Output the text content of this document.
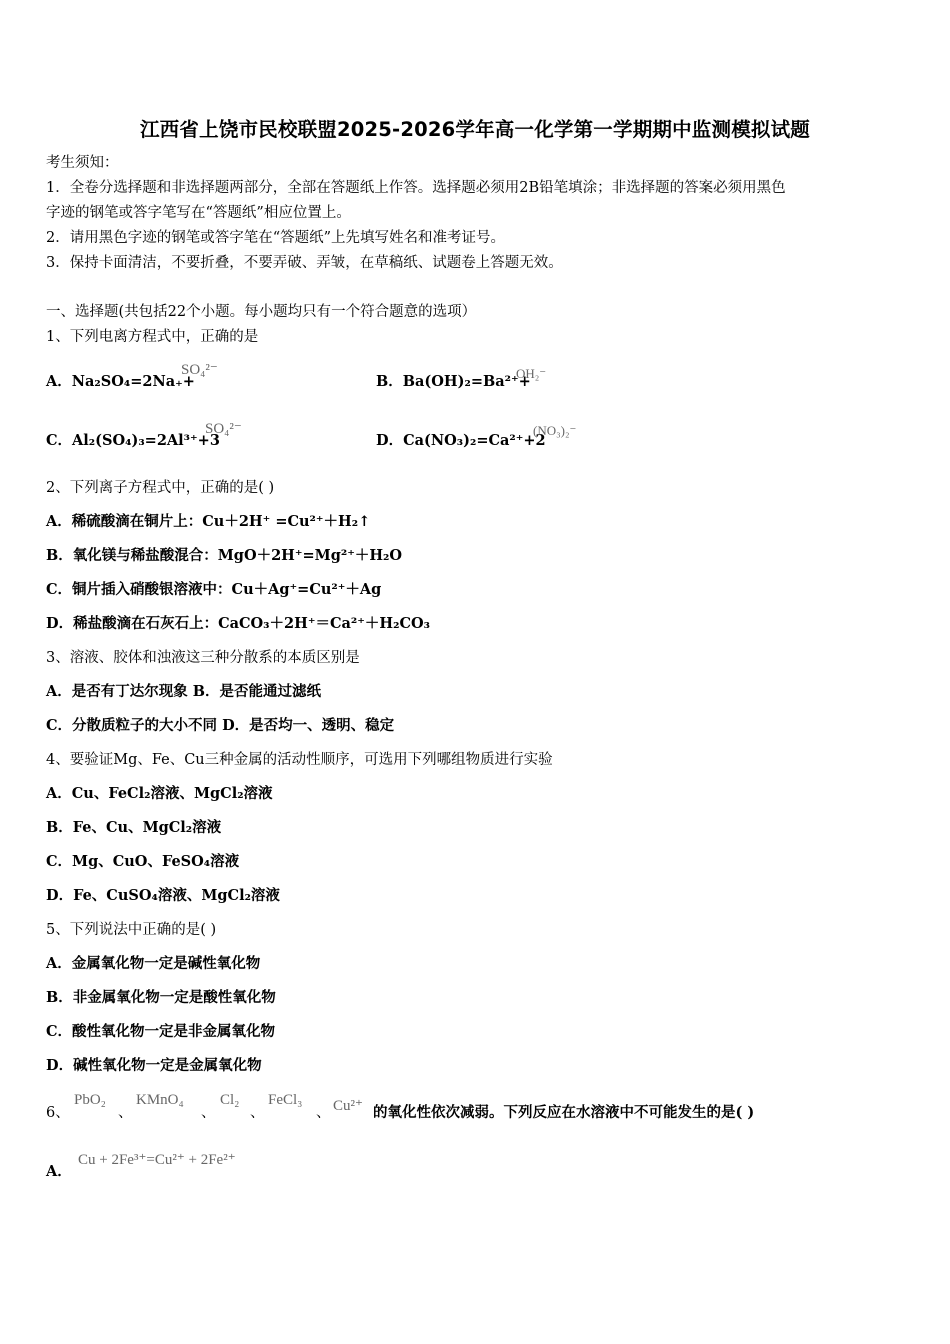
江西省上饶市民校联盟2025-2026学年高一化学第一学期期中监测模拟试题
考生须知：
1．全卷分选择题和非选择题两部分，全部在答题纸上作答。选择题必须用2B铅笔填涂；非选择题的答案必须用黑色
字迹的钢笔或答字笔写在“答题纸”相应位置上。
2．请用黑色字迹的钢笔或答字笔在“答题纸”上先填写姓名和准考证号。
3．保持卡面清洁，不要折叠，不要弄破、弄皱，在草稿纸、试题卷上答题无效。
一、选择题(共包括22个小题。每小题均只有一个符合题意的选项）
1、下列电离方程式中，正确的是
A．Na₂SO₄=2Na₊+
SO₄²⁻
B．Ba(OH)₂=Ba²⁺+
OH₂⁻
C．Al₂(SO₄)₃=2Al³⁺+3
SO₄²⁻
D．Ca(NO₃)₂=Ca²⁺+2
(NO₃)₂⁻
2、下列离子方程式中，正确的是( )
A．稀硫酸滴在铜片上：Cu＋2H⁺ =Cu²⁺＋H₂↑
B．氧化镁与稀盐酸混合：MgO＋2H⁺=Mg²⁺＋H₂O
C．铜片插入硝酸银溶液中：Cu＋Ag⁺=Cu²⁺＋Ag
D．稀盐酸滴在石灰石上：CaCO₃＋2H⁺＝Ca²⁺＋H₂CO₃
3、溶液、胶体和浊液这三种分散系的本质区别是
A．是否有丁达尔现象 B．是否能通过滤纸
C．分散质粒子的大小不同 D．是否均一、透明、稳定
4、要验证Mg、Fe、Cu三种金属的活动性顺序，可选用下列哪组物质进行实验
A．Cu、FeCl₂溶液、MgCl₂溶液
B．Fe、Cu、MgCl₂溶液
C．Mg、CuO、FeSO₄溶液
D．Fe、CuSO₄溶液、MgCl₂溶液
5、下列说法中正确的是( )
A．金属氧化物一定是碱性氧化物
B．非金属氧化物一定是酸性氧化物
C．酸性氧化物一定是非金属氧化物
D．碱性氧化物一定是金属氧化物
6、
PbO₂
、
KMnO₄
、
Cl₂
、
FeCl₃
、 Cu²⁺ 的氧化性依次减弱。下列反应在水溶液中不可能发生的是( )
A．
Cu + 2Fe³⁺=Cu²⁺ + 2Fe²⁺
